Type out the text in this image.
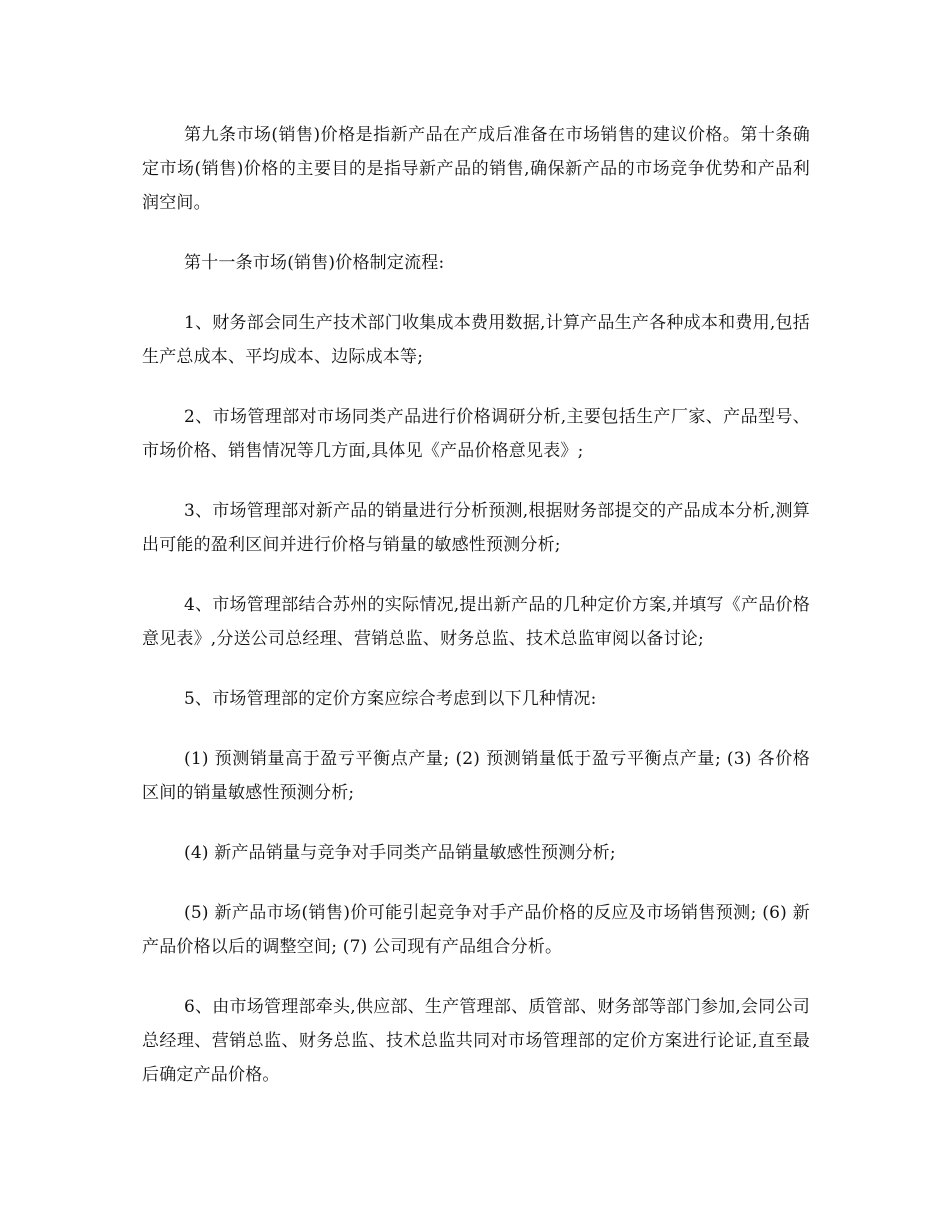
第九条市场(销售)价格是指新产品在产成后准备在市场销售的建议价格。第十条确定市场(销售)价格的主要目的是指导新产品的销售,确保新产品的市场竞争优势和产品利润空间。

第十一条市场(销售)价格制定流程:

1、财务部会同生产技术部门收集成本费用数据,计算产品生产各种成本和费用,包括生产总成本、平均成本、边际成本等;

2、市场管理部对市场同类产品进行价格调研分析,主要包括生产厂家、产品型号、市场价格、销售情况等几方面,具体见《产品价格意见表》;

3、市场管理部对新产品的销量进行分析预测,根据财务部提交的产品成本分析,测算出可能的盈利区间并进行价格与销量的敏感性预测分析;

4、市场管理部结合苏州的实际情况,提出新产品的几种定价方案,并填写《产品价格意见表》,分送公司总经理、营销总监、财务总监、技术总监审阅以备讨论;

5、市场管理部的定价方案应综合考虑到以下几种情况:

(1) 预测销量高于盈亏平衡点产量; (2) 预测销量低于盈亏平衡点产量; (3) 各价格区间的销量敏感性预测分析;

(4) 新产品销量与竞争对手同类产品销量敏感性预测分析;

(5) 新产品市场(销售)价可能引起竞争对手产品价格的反应及市场销售预测; (6) 新产品价格以后的调整空间; (7) 公司现有产品组合分析。

6、由市场管理部牵头,供应部、生产管理部、质管部、财务部等部门参加,会同公司总经理、营销总监、财务总监、技术总监共同对市场管理部的定价方案进行论证,直至最后确定产品价格。
